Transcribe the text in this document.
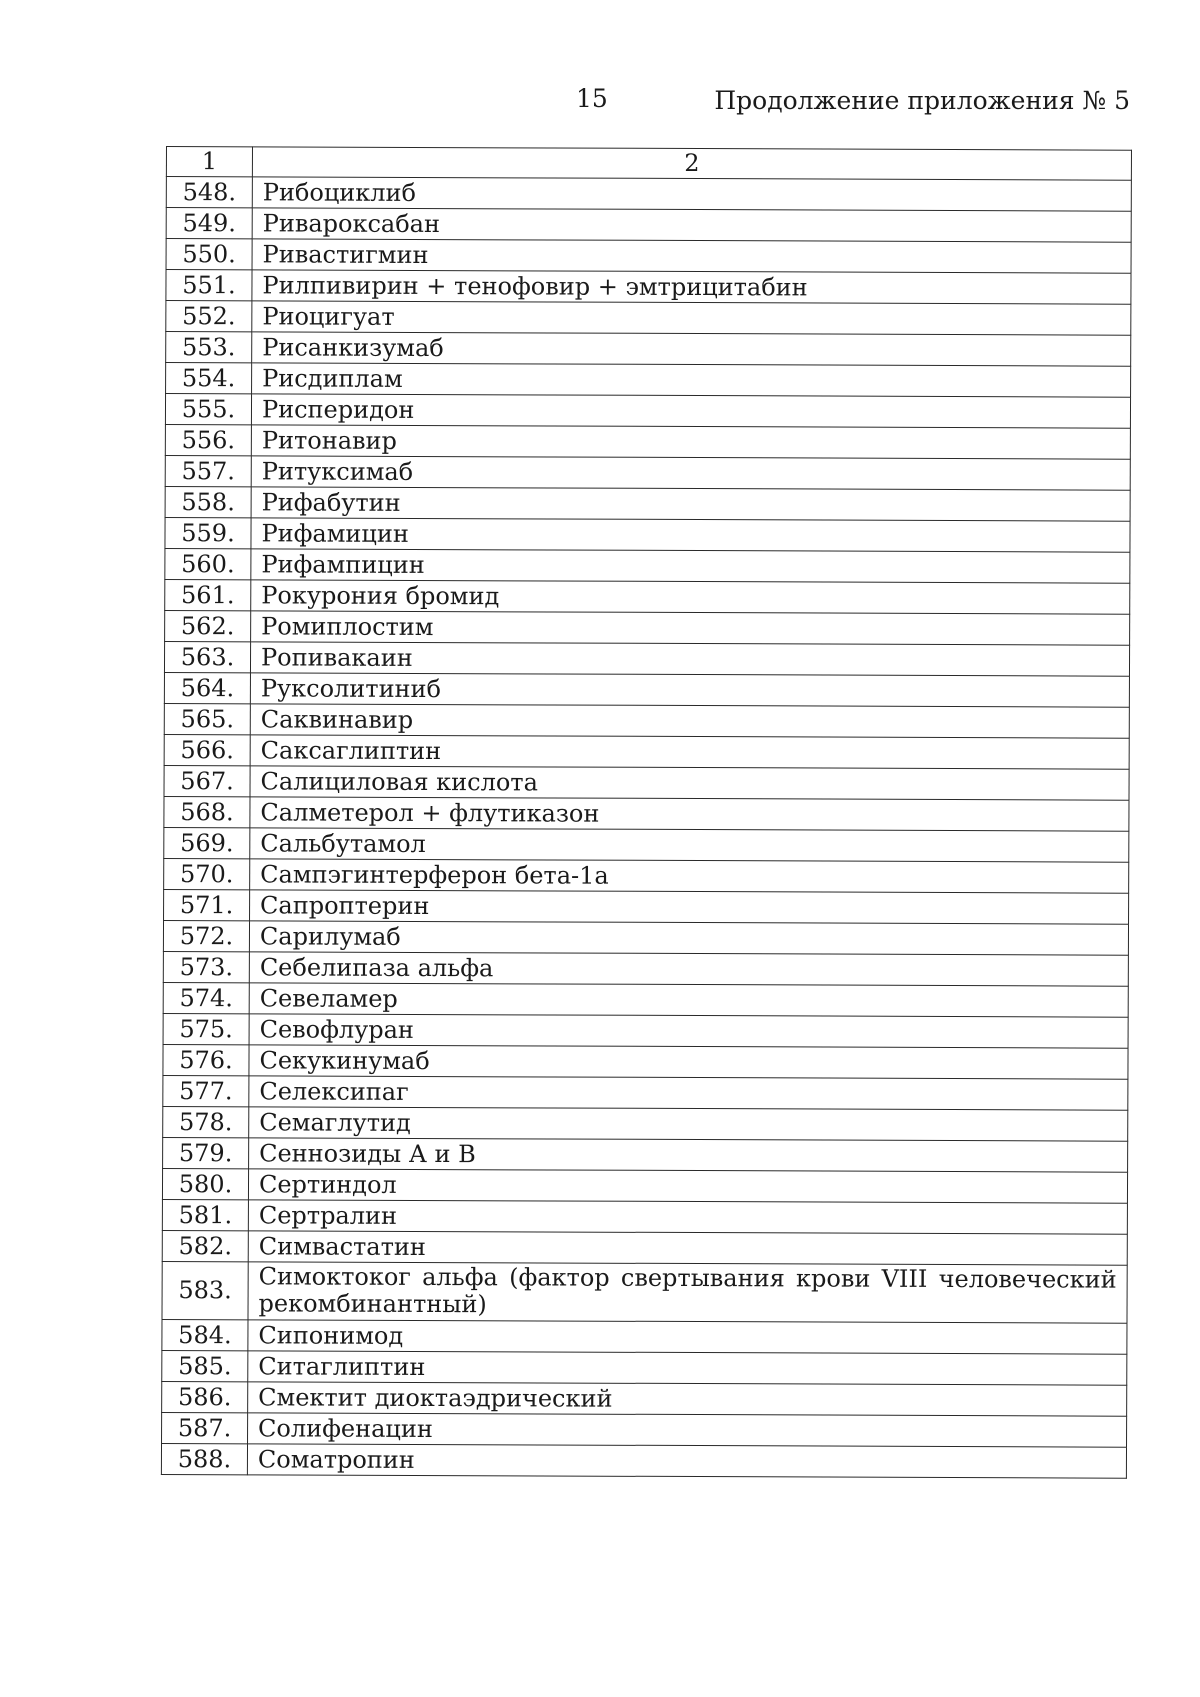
15	Продолжение приложения № 5
1	2
548.	Рибоциклиб
549.	Ривароксабан
550.	Ривастигмин
551.	Рилпивирин + тенофовир + эмтрицитабин
552.	Риоцигуат
553.	Рисанкизумаб
554.	Рисдиплам
555.	Рисперидон
556.	Ритонавир
557.	Ритуксимаб
558.	Рифабутин
559.	Рифамицин
560.	Рифампицин
561.	Рокурония бромид
562.	Ромиплостим
563.	Ропивакаин
564.	Руксолитиниб
565.	Саквинавир
566.	Саксаглиптин
567.	Салициловая кислота
568.	Салметерол + флутиказон
569.	Сальбутамол
570.	Сампэгинтерферон бета-1а
571.	Сапроптерин
572.	Сарилумаб
573.	Себелипаза альфа
574.	Севеламер
575.	Севофлуран
576.	Секукинумаб
577.	Селексипаг
578.	Семаглутид
579.	Сеннозиды А и В
580.	Сертиндол
581.	Сертралин
582.	Симвастатин
583.	Симоктоког альфа (фактор свертывания крови VIII человеческий рекомбинантный)
584.	Сипонимод
585.	Ситаглиптин
586.	Смектит диоктаэдрический
587.	Солифенацин
588.	Соматропин
